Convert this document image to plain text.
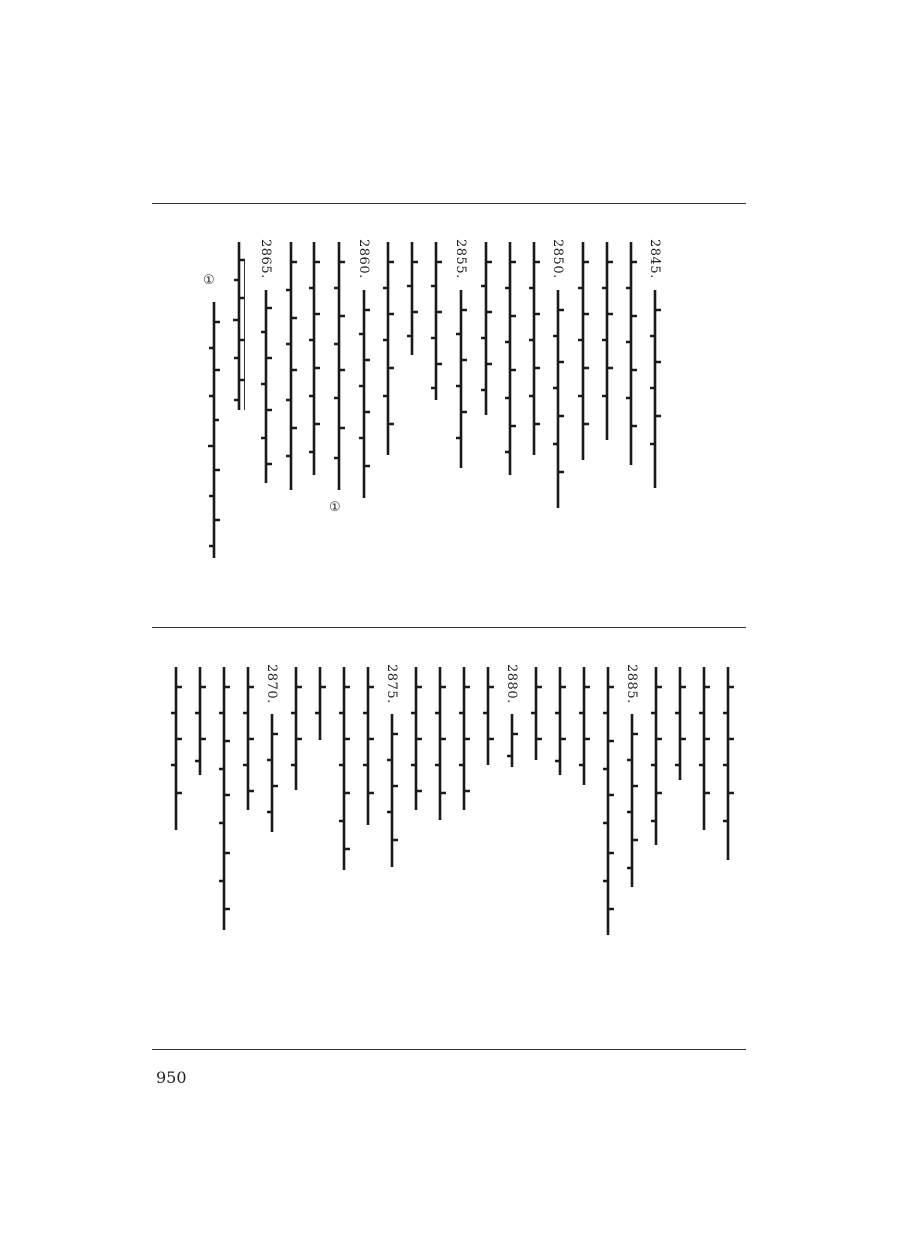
①
2865.
①
2860.	2855.	2850.	2845.
2885.
2880.
2875.
2870.
950
